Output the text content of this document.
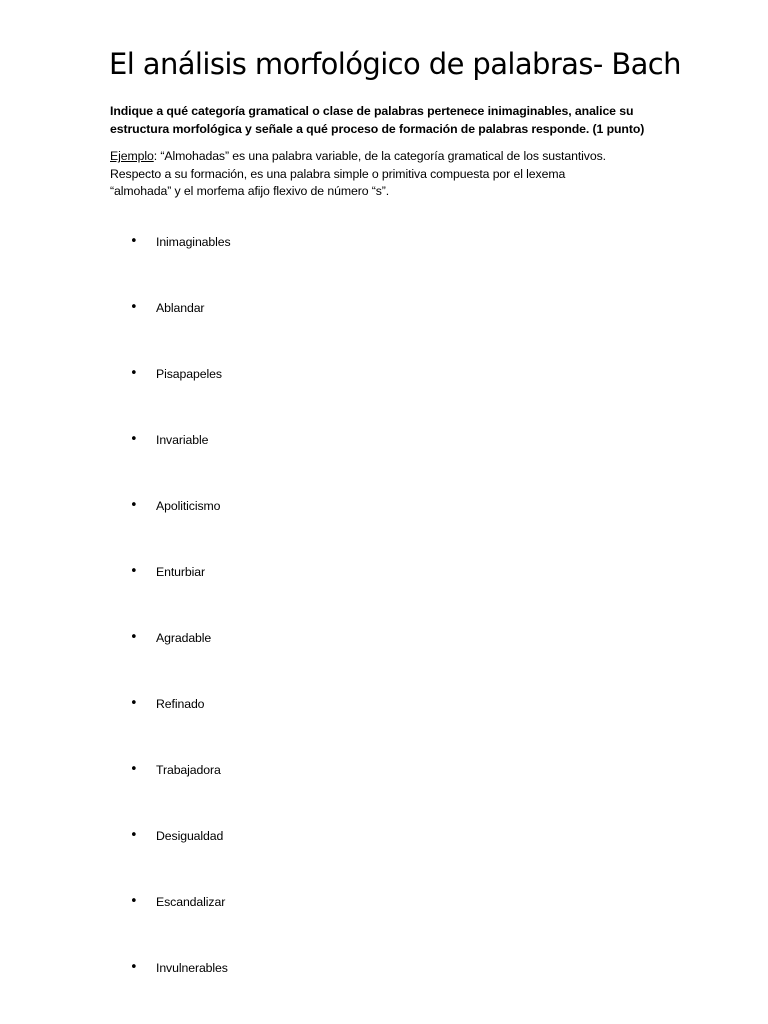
El análisis morfológico de palabras- Bach

Indique a qué categoría gramatical o clase de palabras pertenece inimaginables, analice su estructura morfológica y señale a qué proceso de formación de palabras responde. (1 punto)

Ejemplo: “Almohadas” es una palabra variable, de la categoría gramatical de los sustantivos.
Respecto a su formación, es una palabra simple o primitiva compuesta por el lexema
“almohada” y el morfema afijo flexivo de número “s”.

• Inimaginables
• Ablandar
• Pisapapeles
• Invariable
• Apoliticismo
• Enturbiar
• Agradable
• Refinado
• Trabajadora
• Desigualdad
• Escandalizar
• Invulnerables
